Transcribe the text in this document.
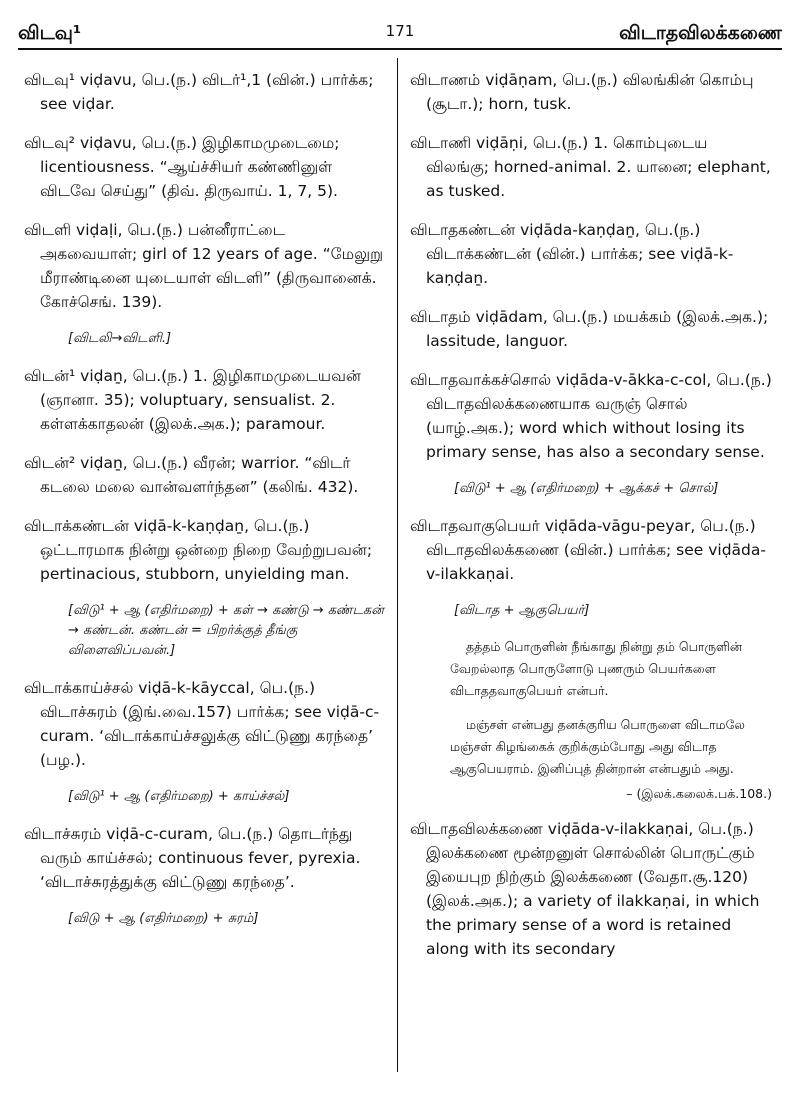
விடவு¹	171	விடாதவிலக்கணை

விடவு¹ viḍavu, பெ.(ந.) விடர்¹,1 (வின்.) பார்க்க; see viḍar.

விடவு² viḍavu, பெ.(ந.) இழிகாமமுடைமை; licentiousness. “ஆய்ச்சியர் கண்ணினுள் விடவே செய்து” (திவ். திருவாய். 1, 7, 5).

விடளி viḍaḷi, பெ.(ந.) பன்னீராட்டை அகவையாள்; girl of 12 years of age. “மேலுறு மீராண்டினை யுடையாள் விடளி” (திருவானைக். கோச்செங். 139).

[விடலி→விடளி.]

விடன்¹ viḍaṉ, பெ.(ந.) 1. இழிகாமமுடையவன் (ஞானா. 35); voluptuary, sensualist. 2. கள்ளக்காதலன் (இலக்.அக.); paramour.

விடன்² viḍaṉ, பெ.(ந.) வீரன்; warrior. “விடர் கடலை மலை வான்வளர்ந்தன” (கலிங். 432).

விடாக்கண்டன் viḍā-k-kaṇḍaṉ, பெ.(ந.) ஒட்டாரமாக நின்று ஒன்றை நிறை வேற்றுபவன்; pertinacious, stubborn, unyielding man.

[விடு¹ + ஆ (எதிர்மறை) + கள் → கண்டு → கண்டகன் → கண்டன். கண்டன் = பிறர்க்குத் தீங்கு விளைவிப்பவன்.]

விடாக்காய்ச்சல் viḍā-k-kāyccal, பெ.(ந.) விடாச்சுரம் (இங்.வை.157) பார்க்க; see viḍā-c-curam. ‘விடாக்காய்ச்சலுக்கு விட்டுணு கரந்தை’ (பழ.).

[விடு¹ + ஆ (எதிர்மறை) + காய்ச்சல்]

விடாச்சுரம் viḍā-c-curam, பெ.(ந.) தொடர்ந்து வரும் காய்ச்சல்; continuous fever, pyrexia. ‘விடாச்சுரத்துக்கு விட்டுணு கரந்தை’.

[விடு + ஆ (எதிர்மறை) + சுரம்]

விடாணம் viḍāṇam, பெ.(ந.) விலங்கின் கொம்பு (சூடா.); horn, tusk.

விடாணி viḍāṇi, பெ.(ந.) 1. கொம்புடைய விலங்கு; horned-animal. 2. யானை; elephant, as tusked.

விடாதகண்டன் viḍāda-kaṇḍaṉ, பெ.(ந.) விடாக்கண்டன் (வின்.) பார்க்க; see viḍā-k-kaṇḍaṉ.

விடாதம் viḍādam, பெ.(ந.) மயக்கம் (இலக்.அக.); lassitude, languor.

விடாதவாக்கச்சொல் viḍāda-v-ākka-c-col, பெ.(ந.) விடாதவிலக்கணையாக வருஞ் சொல் (யாழ்.அக.); word which without losing its primary sense, has also a secondary sense.

[விடு¹ + ஆ (எதிர்மறை) + ஆக்கச் + சொல்]

விடாதவாகுபெயர் viḍāda-vāgu-peyar, பெ.(ந.) விடாதவிலக்கணை (வின்.) பார்க்க; see viḍāda-v-ilakkaṇai.

[விடாத + ஆகுபெயர்]

தத்தம் பொருளின் நீங்காது நின்று தம் பொருளின் வேறல்லாத பொருளோடு புணரும் பெயர்களை விடாததவாகுபெயர் என்பர்.

மஞ்சள் என்பது தனக்குரிய பொருளை விடாமலே மஞ்சள் கிழங்கைக் குறிக்கும்போது அது விடாத ஆகுபெயராம். இனிப்புத் தின்றான் என்பதும் அது.

– (இலக்.கலைக்.பக்.108.)

விடாதவிலக்கணை viḍāda-v-ilakkaṇai, பெ.(ந.) இலக்கணை மூன்றனுள் சொல்லின் பொருட்கும் இயைபுற நிற்கும் இலக்கணை (வேதா.சூ.120) (இலக்.அக.); a variety of ilakkaṇai, in which the primary sense of a word is retained along with its secondary
